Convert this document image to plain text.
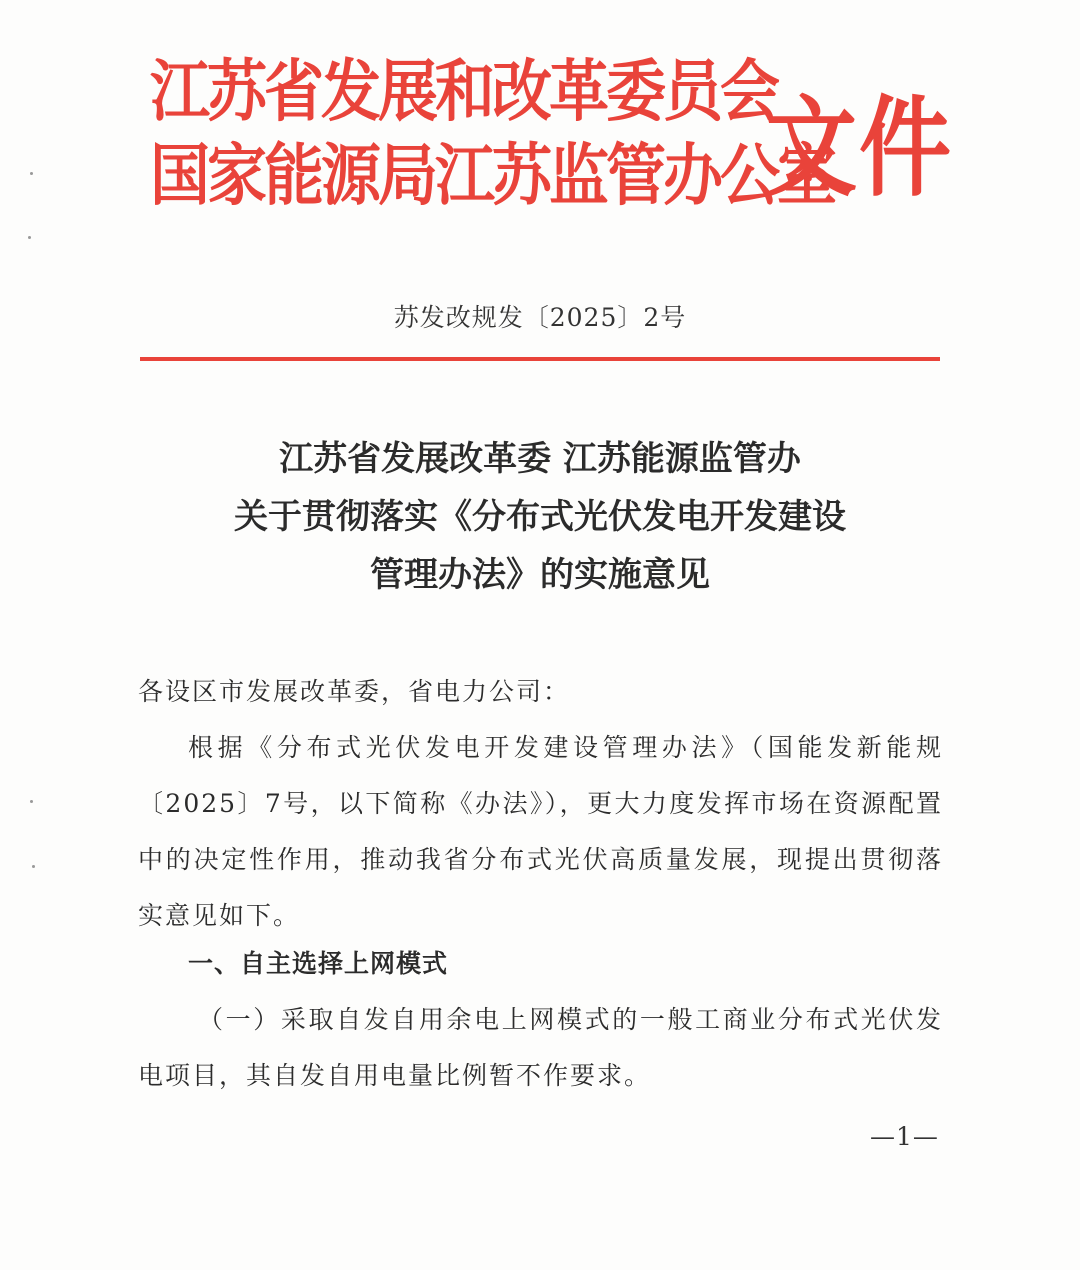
江苏省发展和改革委员会
国家能源局江苏监管办公室
文件
苏发改规发〔2025〕2号
江苏省发展改革委 江苏能源监管办
关于贯彻落实《分布式光伏发电开发建设
管理办法》的实施意见
各设区市发展改革委，省电力公司：
根据《分布式光伏发电开发建设管理办法》（国能发新能规〔2025〕7号，以下简称《办法》），更大力度发挥市场在资源配置中的决定性作用，推动我省分布式光伏高质量发展，现提出贯彻落实意见如下。
一、自主选择上网模式
（一）采取自发自用余电上网模式的一般工商业分布式光伏发电项目，其自发自用电量比例暂不作要求。
—1—
